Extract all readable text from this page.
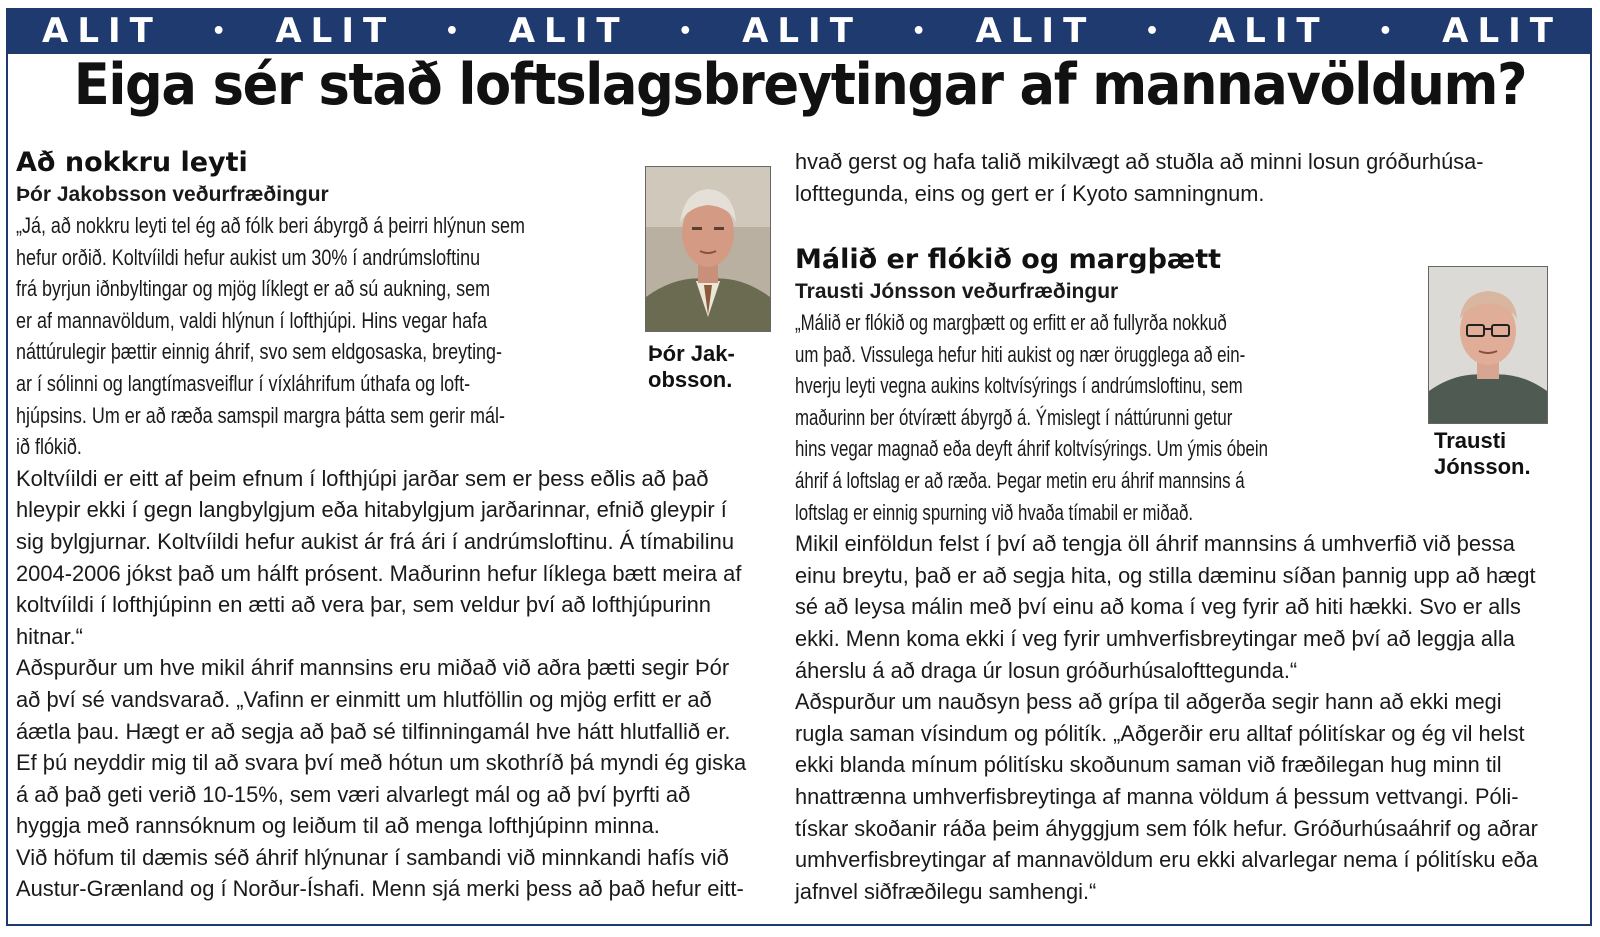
ALIT • ALIT • ALIT • ALIT • ALIT • ALIT • ALIT
Eiga sér stað loftslagsbreytingar af mannavöldum?

Að nokkru leyti

Þór Jakobsson veðurfræðingur

„Já, að nokkru leyti tel ég að fólk beri ábyrgð á þeirri hlýnun sem
hefur orðið. Koltvíildi hefur aukist um 30% í andrúmsloftinu
frá byrjun iðnbyltingar og mjög líklegt er að sú aukning, sem
er af mannavöldum, valdi hlýnun í lofthjúpi. Hins vegar hafa
náttúrulegir þættir einnig áhrif, svo sem eldgosaska, breyting-
ar í sólinni og langtímasveiflur í víxláhrifum úthafa og loft-
hjúpsins. Um er að ræða samspil margra þátta sem gerir mál-
ið flókið.
Koltvíildi er eitt af þeim efnum í lofthjúpi jarðar sem er þess eðlis að það
hleypir ekki í gegn langbylgjum eða hitabylgjum jarðarinnar, efnið gleypir í
sig bylgjurnar. Koltvíildi hefur aukist ár frá ári í andrúmsloftinu. Á tímabilinu
2004-2006 jókst það um hálft prósent. Maðurinn hefur líklega bætt meira af
koltvíildi í lofthjúpinn en ætti að vera þar, sem veldur því að lofthjúpurinn
hitnar.“
Aðspurður um hve mikil áhrif mannsins eru miðað við aðra þætti segir Þór
að því sé vandsvarað. „Vafinn er einmitt um hlutföllin og mjög erfitt er að
áætla þau. Hægt er að segja að það sé tilfinningamál hve hátt hlutfallið er.
Ef þú neyddir mig til að svara því með hótun um skothríð þá myndi ég giska
á að það geti verið 10-15%, sem væri alvarlegt mál og að því þyrfti að
hyggja með rannsóknum og leiðum til að menga lofthjúpinn minna.
Við höfum til dæmis séð áhrif hlýnunar í sambandi við minnkandi hafís við
Austur-Grænland og í Norður-Íshafi. Menn sjá merki þess að það hefur eitt-
Þór Jak-
obsson.
hvað gerst og hafa talið mikilvægt að stuðla að minni losun gróðurhúsa-
lofttegunda, eins og gert er í Kyoto samningnum.

Málið er flókið og margþætt

Trausti Jónsson veðurfræðingur

„Málið er flókið og margþætt og erfitt er að fullyrða nokkuð
um það. Vissulega hefur hiti aukist og nær örugglega að ein-
hverju leyti vegna aukins koltvísýrings í andrúmsloftinu, sem
maðurinn ber ótvírætt ábyrgð á. Ýmislegt í náttúrunni getur
hins vegar magnað eða deyft áhrif koltvísýrings. Um ýmis óbein
áhrif á loftslag er að ræða. Þegar metin eru áhrif mannsins á
loftslag er einnig spurning við hvaða tímabil er miðað.
Mikil einföldun felst í því að tengja öll áhrif mannsins á umhverfið við þessa
einu breytu, það er að segja hita, og stilla dæminu síðan þannig upp að hægt
sé að leysa málin með því einu að koma í veg fyrir að hiti hækki. Svo er alls
ekki. Menn koma ekki í veg fyrir umhverfisbreytingar með því að leggja alla
áherslu á að draga úr losun gróðurhúsalofttegunda.“
Aðspurður um nauðsyn þess að grípa til aðgerða segir hann að ekki megi
rugla saman vísindum og pólitík. „Aðgerðir eru alltaf pólitískar og ég vil helst
ekki blanda mínum pólitísku skoðunum saman við fræðilegan hug minn til
hnattrænna umhverfisbreytinga af manna völdum á þessum vettvangi. Póli-
tískar skoðanir ráða þeim áhyggjum sem fólk hefur. Gróðurhúsaáhrif og aðrar
umhverfisbreytingar af mannavöldum eru ekki alvarlegar nema í pólitísku eða
jafnvel siðfræðilegu samhengi.“
Trausti
Jónsson.
